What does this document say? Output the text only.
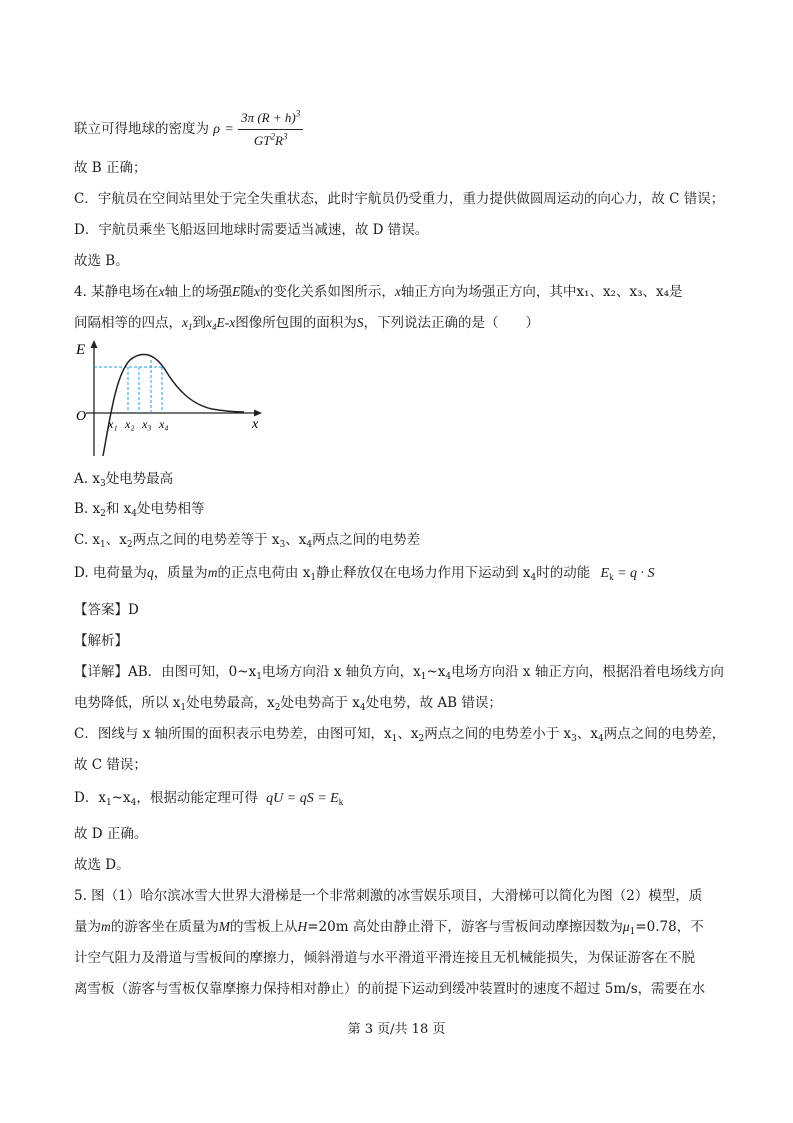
联立可得地球的密度为 $\rho = \frac{3\pi (R + h)^3}{GT^2R^3}$
故 B 正确；
C．宇航员在空间站里处于完全失重状态，此时宇航员仍受重力，重力提供做圆周运动的向心力，故 C 错误；
D．宇航员乘坐飞船返回地球时需要适当减速，故 D 错误。
故选 B。
4. 某静电场在x轴上的场强E随x的变化关系如图所示，x轴正方向为场强正方向，其中x₁、x₂、x₃、x₄是
间隔相等的四点，$x_1$到$x_4E-x$图像所包围的面积为S，下列说法正确的是（　　）
E
O
x
x₁ x₂ x₃ x₄
A. $x_3$处电势最高
B. $x_2$和 $x_4$处电势相等
C. $x_1$、$x_2$两点之间的电势差等于 $x_3$、$x_4$两点之间的电势差
D. 电荷量为q，质量为m的正点电荷由 $x_1$静止释放仅在电场力作用下运动到 $x_4$时的动能 $E_k = q \cdot S$
【答案】D
【解析】
【详解】AB．由图可知，$0\sim x_1$电场方向沿 x 轴负方向，$x_1\sim x_4$电场方向沿 x 轴正方向，根据沿着电场线方向
电势降低，所以 $x_1$处电势最高，$x_2$处电势高于 $x_4$处电势，故 AB 错误；
C．图线与 x 轴所围的面积表示电势差，由图可知，$x_1$、$x_2$两点之间的电势差小于 $x_3$、$x_4$两点之间的电势差，
故 C 错误；
D．$x_1\sim x_4$，根据动能定理可得 qU = qS = $E_k$
故 D 正确。
故选 D。
5. 图（1）哈尔滨冰雪大世界大滑梯是一个非常刺激的冰雪娱乐项目，大滑梯可以简化为图（2）模型，质
量为m的游客坐在质量为M的雪板上从H=20m 高处由静止滑下，游客与雪板间动摩擦因数为$\mu_1=0.78$，不
计空气阻力及滑道与雪板间的摩擦力，倾斜滑道与水平滑道平滑连接且无机械能损失，为保证游客在不脱
离雪板（游客与雪板仅靠摩擦力保持相对静止）的前提下运动到缓冲装置时的速度不超过 5m/s，需要在水
第 3 页/共 18 页
